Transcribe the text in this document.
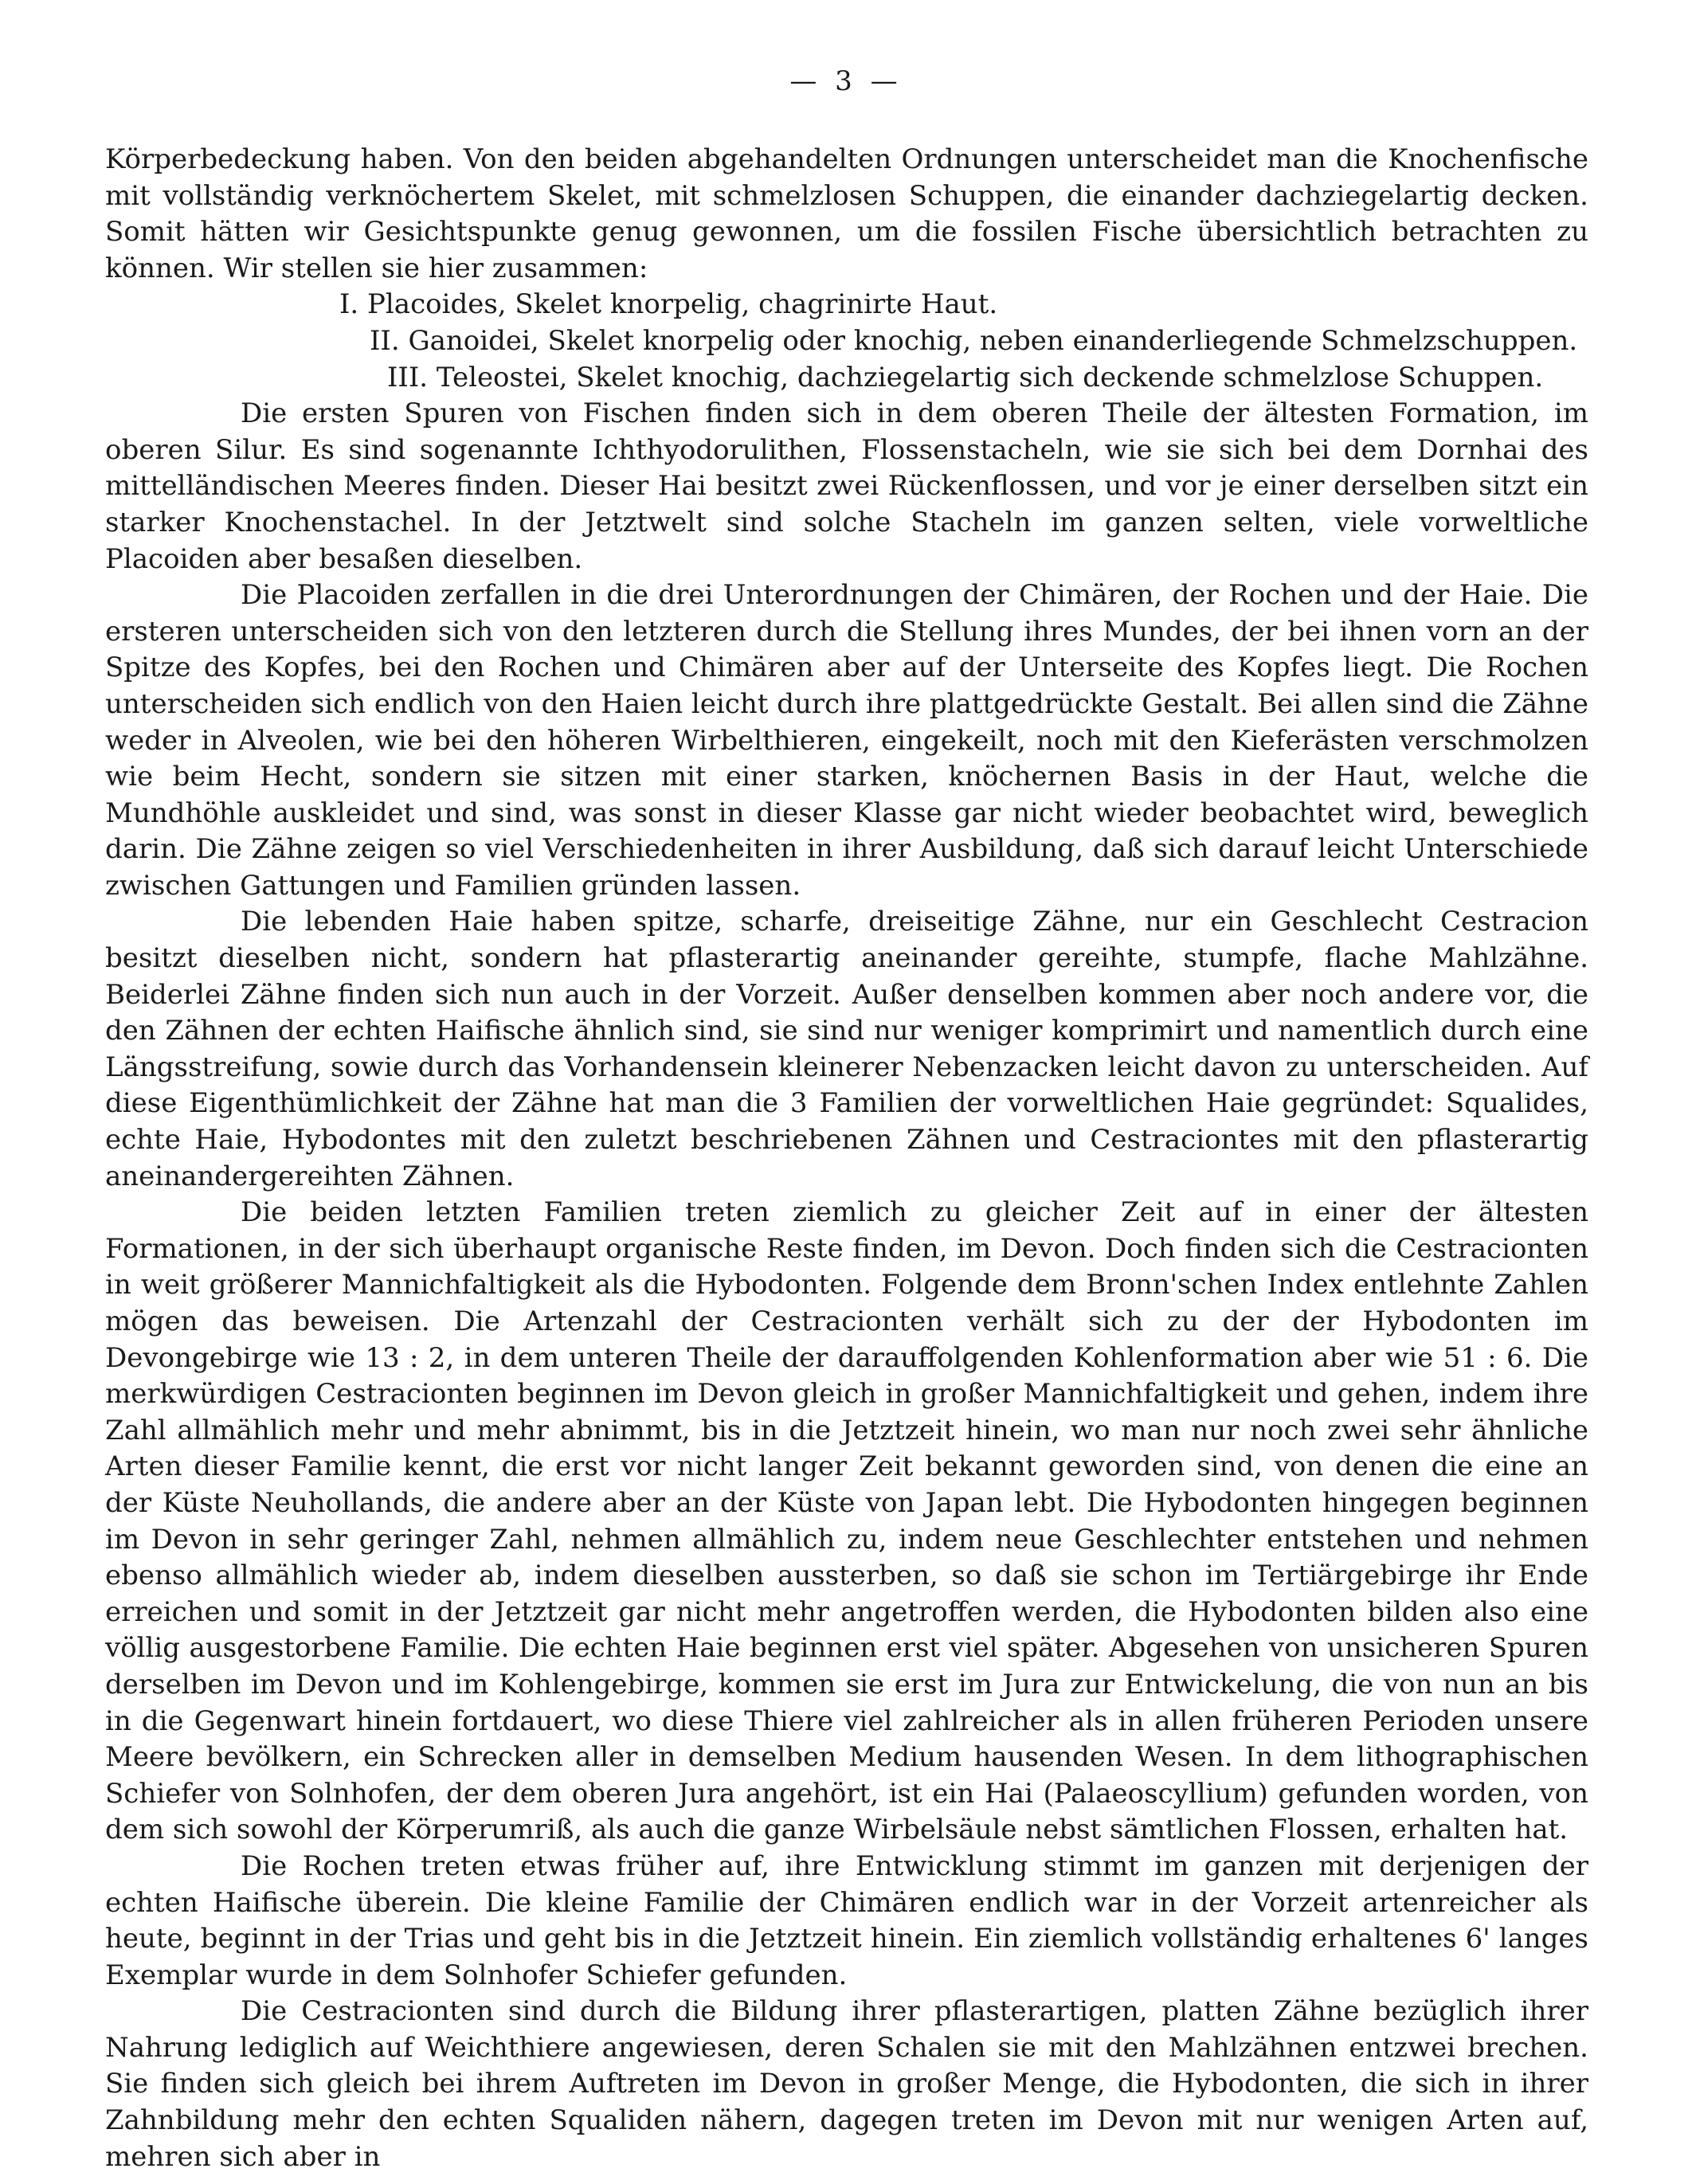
— 3 —

Körperbedeckung haben. Von den beiden abgehandelten Ordnungen unterscheidet man die Knochenfische mit vollständig verknöchertem Skelet, mit schmelzlosen Schuppen, die einander dachziegelartig decken. Somit hätten wir Gesichtspunkte genug gewonnen, um die fossilen Fische übersichtlich betrachten zu können. Wir stellen sie hier zusammen:

I. Placoides, Skelet knorpelig, chagrinirte Haut.
II. Ganoidei, Skelet knorpelig oder knochig, neben einanderliegende Schmelzschuppen.
III. Teleostei, Skelet knochig, dachziegelartig sich deckende schmelzlose Schuppen.

Die ersten Spuren von Fischen finden sich in dem oberen Theile der ältesten Formation, im oberen Silur. Es sind sogenannte Ichthyodorulithen, Flossenstacheln, wie sie sich bei dem Dornhai des mittelländischen Meeres finden. Dieser Hai besitzt zwei Rückenflossen, und vor je einer derselben sitzt ein starker Knochenstachel. In der Jetztwelt sind solche Stacheln im ganzen selten, viele vorweltliche Placoiden aber besaßen dieselben.

Die Placoiden zerfallen in die drei Unterordnungen der Chimären, der Rochen und der Haie. Die ersteren unterscheiden sich von den letzteren durch die Stellung ihres Mundes, der bei ihnen vorn an der Spitze des Kopfes, bei den Rochen und Chimären aber auf der Unterseite des Kopfes liegt. Die Rochen unterscheiden sich endlich von den Haien leicht durch ihre plattgedrückte Gestalt. Bei allen sind die Zähne weder in Alveolen, wie bei den höheren Wirbelthieren, eingekeilt, noch mit den Kieferästen verschmolzen wie beim Hecht, sondern sie sitzen mit einer starken, knöchernen Basis in der Haut, welche die Mundhöhle auskleidet und sind, was sonst in dieser Klasse gar nicht wieder beobachtet wird, beweglich darin. Die Zähne zeigen so viel Verschiedenheiten in ihrer Ausbildung, daß sich darauf leicht Unterschiede zwischen Gattungen und Familien gründen lassen.

Die lebenden Haie haben spitze, scharfe, dreiseitige Zähne, nur ein Geschlecht Cestracion besitzt dieselben nicht, sondern hat pflasterartig aneinander gereihte, stumpfe, flache Mahlzähne. Beiderlei Zähne finden sich nun auch in der Vorzeit. Außer denselben kommen aber noch andere vor, die den Zähnen der echten Haifische ähnlich sind, sie sind nur weniger komprimirt und namentlich durch eine Längsstreifung, sowie durch das Vorhandensein kleinerer Nebenzacken leicht davon zu unterscheiden. Auf diese Eigenthümlichkeit der Zähne hat man die 3 Familien der vorweltlichen Haie gegründet: Squalides, echte Haie, Hybodontes mit den zuletzt beschriebenen Zähnen und Cestraciontes mit den pflasterartig aneinandergereihten Zähnen.

Die beiden letzten Familien treten ziemlich zu gleicher Zeit auf in einer der ältesten Formationen, in der sich überhaupt organische Reste finden, im Devon. Doch finden sich die Cestracionten in weit größerer Mannichfaltigkeit als die Hybodonten. Folgende dem Bronn'schen Index entlehnte Zahlen mögen das beweisen. Die Artenzahl der Cestracionten verhält sich zu der der Hybodonten im Devongebirge wie 13 : 2, in dem unteren Theile der darauffolgenden Kohlenformation aber wie 51 : 6. Die merkwürdigen Cestracionten beginnen im Devon gleich in großer Mannichfaltigkeit und gehen, indem ihre Zahl allmählich mehr und mehr abnimmt, bis in die Jetztzeit hinein, wo man nur noch zwei sehr ähnliche Arten dieser Familie kennt, die erst vor nicht langer Zeit bekannt geworden sind, von denen die eine an der Küste Neuhollands, die andere aber an der Küste von Japan lebt. Die Hybodonten hingegen beginnen im Devon in sehr geringer Zahl, nehmen allmählich zu, indem neue Geschlechter entstehen und nehmen ebenso allmählich wieder ab, indem dieselben aussterben, so daß sie schon im Tertiärgebirge ihr Ende erreichen und somit in der Jetztzeit gar nicht mehr angetroffen werden, die Hybodonten bilden also eine völlig ausgestorbene Familie. Die echten Haie beginnen erst viel später. Abgesehen von unsicheren Spuren derselben im Devon und im Kohlengebirge, kommen sie erst im Jura zur Entwickelung, die von nun an bis in die Gegenwart hinein fortdauert, wo diese Thiere viel zahlreicher als in allen früheren Perioden unsere Meere bevölkern, ein Schrecken aller in demselben Medium hausenden Wesen. In dem lithographischen Schiefer von Solnhofen, der dem oberen Jura angehört, ist ein Hai (Palaeoscyllium) gefunden worden, von dem sich sowohl der Körperumriß, als auch die ganze Wirbelsäule nebst sämtlichen Flossen, erhalten hat.

Die Rochen treten etwas früher auf, ihre Entwicklung stimmt im ganzen mit derjenigen der echten Haifische überein. Die kleine Familie der Chimären endlich war in der Vorzeit artenreicher als heute, beginnt in der Trias und geht bis in die Jetztzeit hinein. Ein ziemlich vollständig erhaltenes 6' langes Exemplar wurde in dem Solnhofer Schiefer gefunden.

Die Cestracionten sind durch die Bildung ihrer pflasterartigen, platten Zähne bezüglich ihrer Nahrung lediglich auf Weichthiere angewiesen, deren Schalen sie mit den Mahlzähnen entzwei brechen. Sie finden sich gleich bei ihrem Auftreten im Devon in großer Menge, die Hybodonten, die sich in ihrer Zahnbildung mehr den echten Squaliden nähern, dagegen treten im Devon mit nur wenigen Arten auf, mehren sich aber in
